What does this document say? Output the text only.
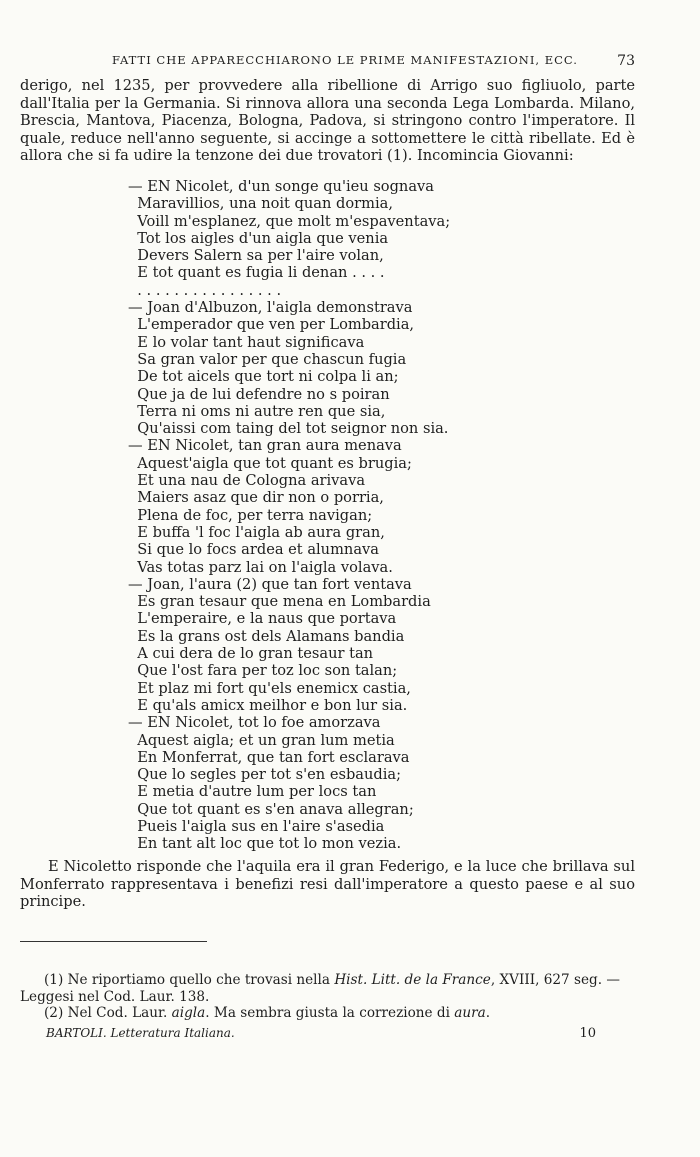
FATTI CHE APPARECCHIARONO LE PRIME MANIFESTAZIONI, ECC.	73

derigo, nel 1235, per provvedere alla ribellione di Arrigo suo figliuolo, parte dall'Italia per la Germania. Si rinnova allora una seconda Lega Lombarda. Milano, Brescia, Mantova, Piacenza, Bologna, Padova, si stringono contro l'imperatore. Il quale, reduce nell'anno seguente, si accinge a sottomettere le città ribellate. Ed è allora che si fa udire la tenzone dei due trovatori (1). Incomincia Giovanni:

— EN Nicolet, d'un songe qu'ieu sognava
Maravillios, una noit quan dormia,
Voill m'esplanez, que molt m'espaventava;
Tot los aigles d'un aigla que venia
Devers Salern sa per l'aire volan,
E tot quant es fugia li denan . . . .
. . . . . . . . . . . . . . . .
— Joan d'Albuzon, l'aigla demonstrava
L'emperador que ven per Lombardia,
E lo volar tant haut significava
Sa gran valor per que chascun fugia
De tot aicels que tort ni colpa li an;
Que ja de lui defendre no s poiran
Terra ni oms ni autre ren que sia,
Qu'aissi com taing del tot seignor non sia.
— EN Nicolet, tan gran aura menava
Aquest'aigla que tot quant es brugia;
Et una nau de Cologna arivava
Maiers asaz que dir non o porria,
Plena de foc, per terra navigan;
E buffa 'l foc l'aigla ab aura gran,
Si que lo focs ardea et alumnava
Vas totas parz lai on l'aigla volava.
— Joan, l'aura (2) que tan fort ventava
Es gran tesaur que mena en Lombardia
L'emperaire, e la naus que portava
Es la grans ost dels Alamans bandia
A cui dera de lo gran tesaur tan
Que l'ost fara per toz loc son talan;
Et plaz mi fort qu'els enemicx castia,
E qu'als amicx meilhor e bon lur sia.
— EN Nicolet, tot lo foe amorzava
Aquest aigla; et un gran lum metia
En Monferrat, que tan fort esclarava
Que lo segles per tot s'en esbaudia;
E metia d'autre lum per locs tan
Que tot quant es s'en anava allegran;
Pueis l'aigla sus en l'aire s'asedia
En tant alt loc que tot lo mon vezia.

E Nicoletto risponde che l'aquila era il gran Federigo, e la luce che brillava sul Monferrato rappresentava i benefizi resi dall'imperatore a questo paese e al suo principe.

(1) Ne riportiamo quello che trovasi nella Hist. Litt. de la France, XVIII, 627 seg. — Leggesi nel Cod. Laur. 138.

(2) Nel Cod. Laur. aigla. Ma sembra giusta la correzione di aura.

BARTOLI. Letteratura Italiana.	10
